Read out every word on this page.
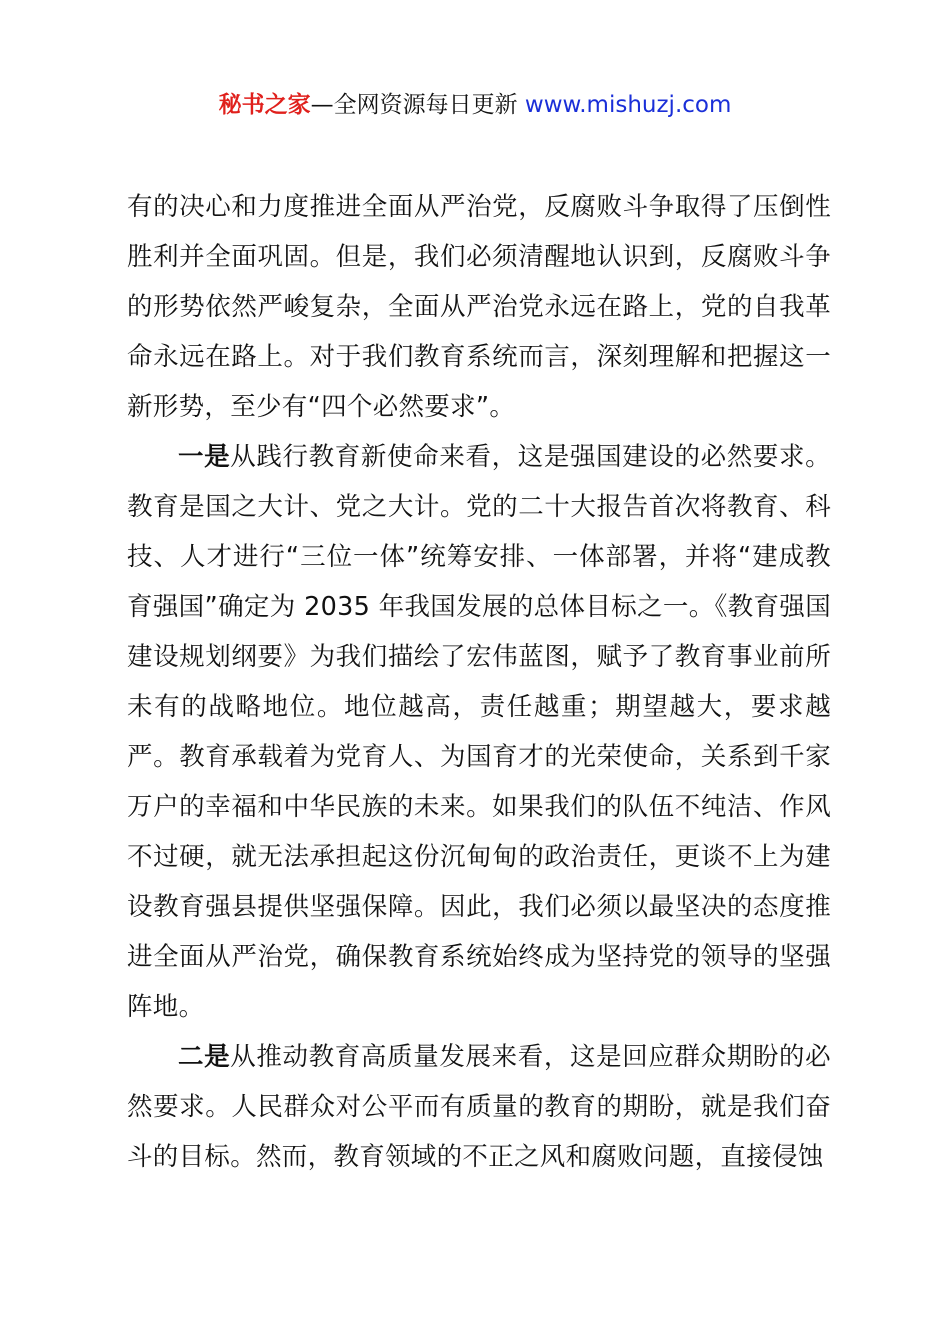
秘书之家—全网资源每日更新 www.mishuzj.com

有的决心和力度推进全面从严治党，反腐败斗争取得了压倒性胜利并全面巩固。但是，我们必须清醒地认识到，反腐败斗争的形势依然严峻复杂，全面从严治党永远在路上，党的自我革命永远在路上。对于我们教育系统而言，深刻理解和把握这一新形势，至少有“四个必然要求”。

一是从践行教育新使命来看，这是强国建设的必然要求。教育是国之大计、党之大计。党的二十大报告首次将教育、科技、人才进行“三位一体”统筹安排、一体部署，并将“建成教育强国”确定为 2035 年我国发展的总体目标之一。《教育强国建设规划纲要》为我们描绘了宏伟蓝图，赋予了教育事业前所未有的战略地位。地位越高，责任越重；期望越大，要求越严。教育承载着为党育人、为国育才的光荣使命，关系到千家万户的幸福和中华民族的未来。如果我们的队伍不纯洁、作风不过硬，就无法承担起这份沉甸甸的政治责任，更谈不上为建设教育强县提供坚强保障。因此，我们必须以最坚决的态度推进全面从严治党，确保教育系统始终成为坚持党的领导的坚强阵地。

二是从推动教育高质量发展来看，这是回应群众期盼的必然要求。人民群众对公平而有质量的教育的期盼，就是我们奋斗的目标。然而，教育领域的不正之风和腐败问题，直接侵蚀
